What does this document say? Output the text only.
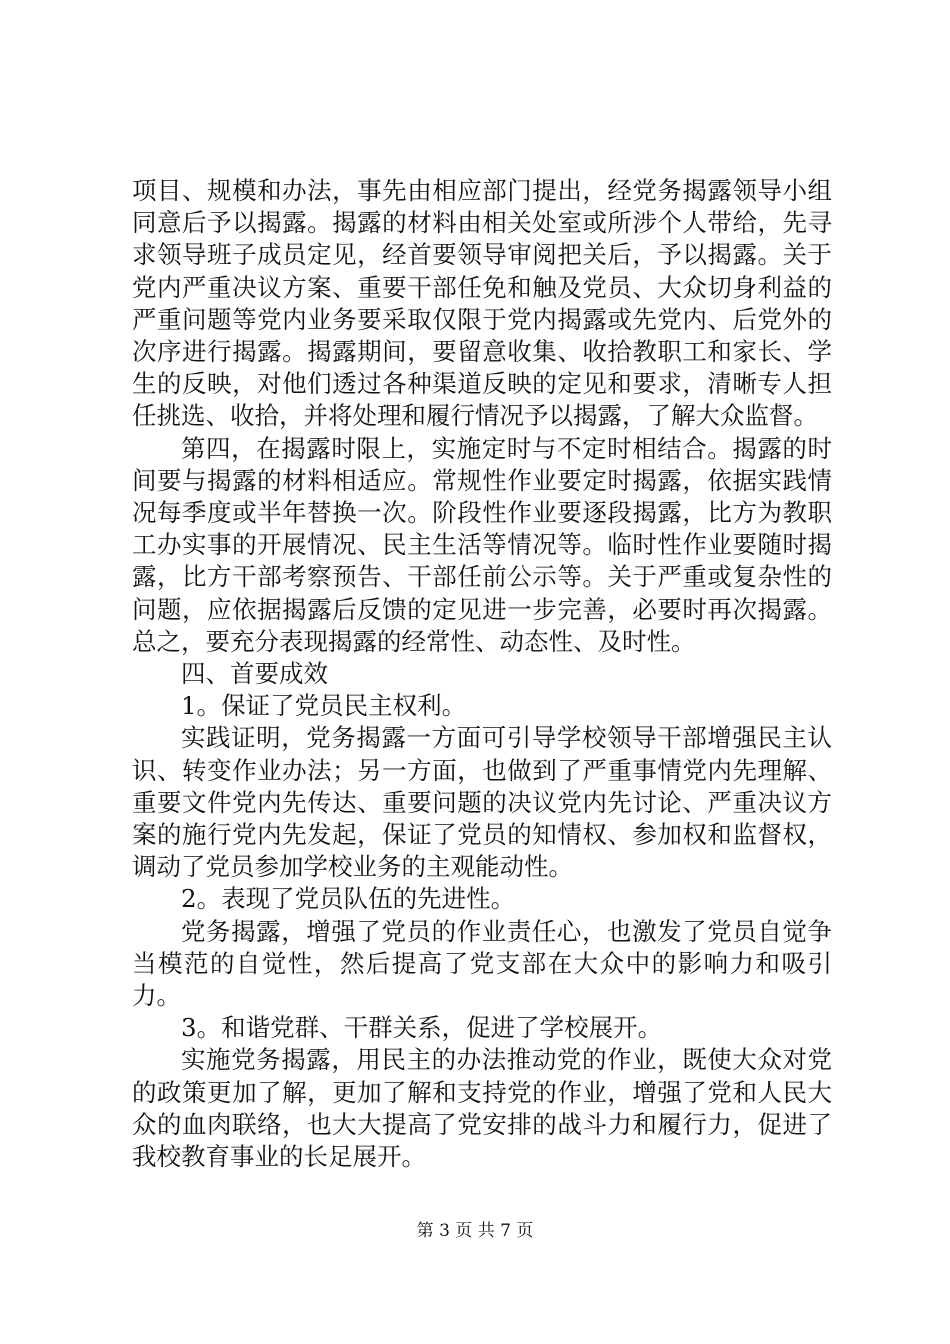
项目、规模和办法，事先由相应部门提出，经党务揭露领导小组同意后予以揭露。揭露的材料由相关处室或所涉个人带给，先寻求领导班子成员定见，经首要领导审阅把关后，予以揭露。关于党内严重决议方案、重要干部任免和触及党员、大众切身利益的严重问题等党内业务要采取仅限于党内揭露或先党内、后党外的次序进行揭露。揭露期间，要留意收集、收拾教职工和家长、学生的反映，对他们透过各种渠道反映的定见和要求，清晰专人担任挑选、收拾，并将处理和履行情况予以揭露，了解大众监督。

第四，在揭露时限上，实施定时与不定时相结合。揭露的时间要与揭露的材料相适应。常规性作业要定时揭露，依据实践情况每季度或半年替换一次。阶段性作业要逐段揭露，比方为教职工办实事的开展情况、民主生活等情况等。临时性作业要随时揭露，比方干部考察预告、干部任前公示等。关于严重或复杂性的问题，应依据揭露后反馈的定见进一步完善，必要时再次揭露。总之，要充分表现揭露的经常性、动态性、及时性。

四、首要成效

1。保证了党员民主权利。

实践证明，党务揭露一方面可引导学校领导干部增强民主认识、转变作业办法；另一方面，也做到了严重事情党内先理解、重要文件党内先传达、重要问题的决议党内先讨论、严重决议方案的施行党内先发起，保证了党员的知情权、参加权和监督权，调动了党员参加学校业务的主观能动性。

2。表现了党员队伍的先进性。

党务揭露，增强了党员的作业责任心，也激发了党员自觉争当模范的自觉性，然后提高了党支部在大众中的影响力和吸引力。

3。和谐党群、干群关系，促进了学校展开。

实施党务揭露，用民主的办法推动党的作业，既使大众对党的政策更加了解，更加了解和支持党的作业，增强了党和人民大众的血肉联络，也大大提高了党安排的战斗力和履行力，促进了我校教育事业的长足展开。

第 3 页 共 7 页
